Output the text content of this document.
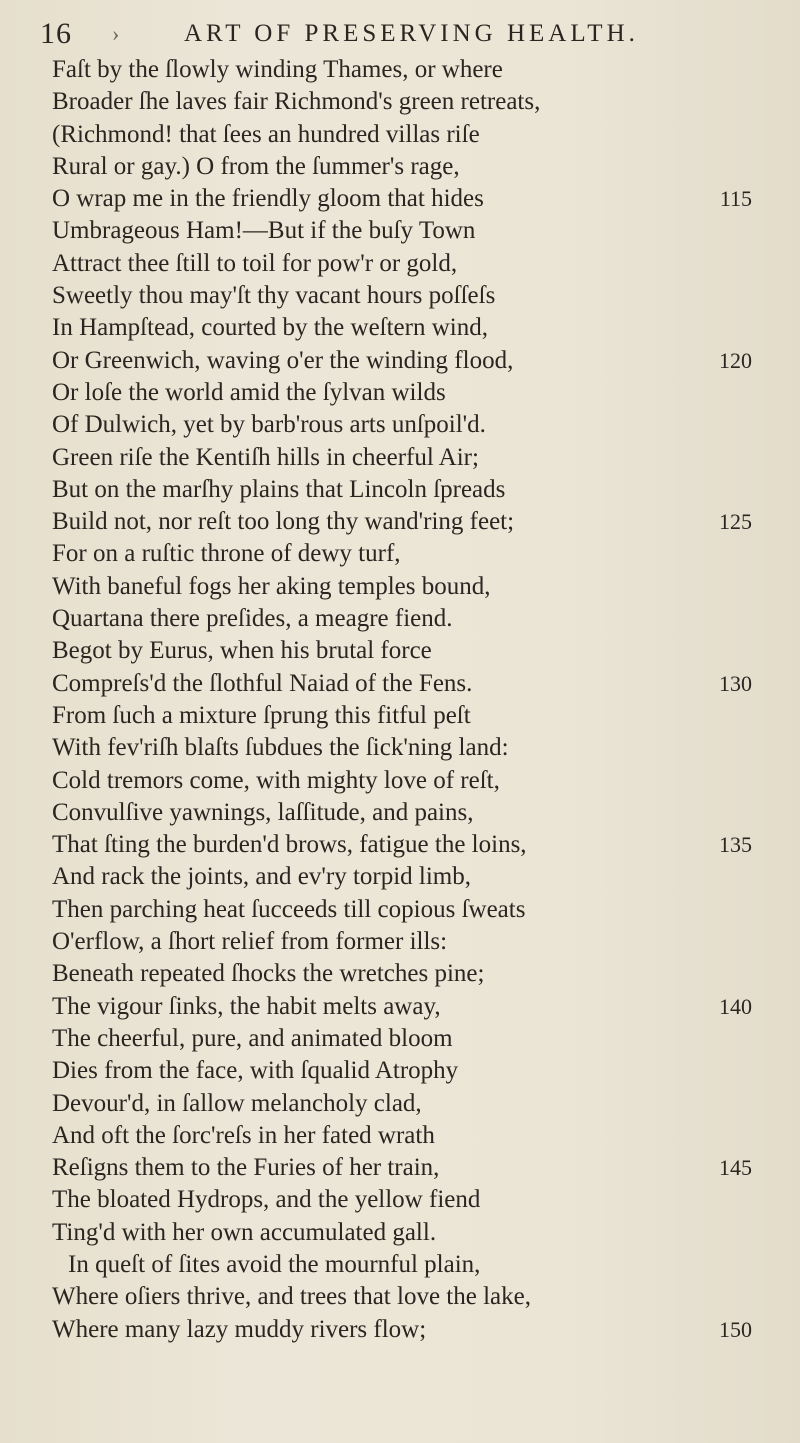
16 ›	ART OF PRESERVING HEALTH.
Faſt by the ſlowly winding Thames, or where
Broader ſhe laves fair Richmond's green retreats,
(Richmond! that ſees an hundred villas riſe
Rural or gay.) O from the ſummer's rage,
O wrap me in the friendly gloom that hides	115
Umbrageous Ham!—But if the buſy Town
Attract thee ſtill to toil for pow'r or gold,
Sweetly thou may'ſt thy vacant hours poſſeſs
In Hampſtead, courted by the weſtern wind,
Or Greenwich, waving o'er the winding flood,	120
Or loſe the world amid the ſylvan wilds
Of Dulwich, yet by barb'rous arts unſpoil'd.
Green riſe the Kentiſh hills in cheerful Air;
But on the marſhy plains that Lincoln ſpreads
Build not, nor reſt too long thy wand'ring feet;	125
For on a ruſtic throne of dewy turf,
With baneful fogs her aking temples bound,
Quartana there preſides, a meagre fiend.
Begot by Eurus, when his brutal force
Compreſs'd the ſlothful Naiad of the Fens.	130
From ſuch a mixture ſprung this fitful peſt
With fev'riſh blaſts ſubdues the ſick'ning land:
Cold tremors come, with mighty love of reſt,
Convulſive yawnings, laſſitude, and pains,
That ſting the burden'd brows, fatigue the loins,	135
And rack the joints, and ev'ry torpid limb,
Then parching heat ſucceeds till copious ſweats
O'erflow, a ſhort relief from former ills:
Beneath repeated ſhocks the wretches pine;
The vigour ſinks, the habit melts away,	140
The cheerful, pure, and animated bloom
Dies from the face, with ſqualid Atrophy
Devour'd, in ſallow melancholy clad,
And oft the ſorc'reſs in her fated wrath
Reſigns them to the Furies of her train,	145
The bloated Hydrops, and the yellow fiend
Ting'd with her own accumulated gall.
In queſt of ſites avoid the mournful plain,
Where oſiers thrive, and trees that love the lake,
Where many lazy muddy rivers flow;	150
